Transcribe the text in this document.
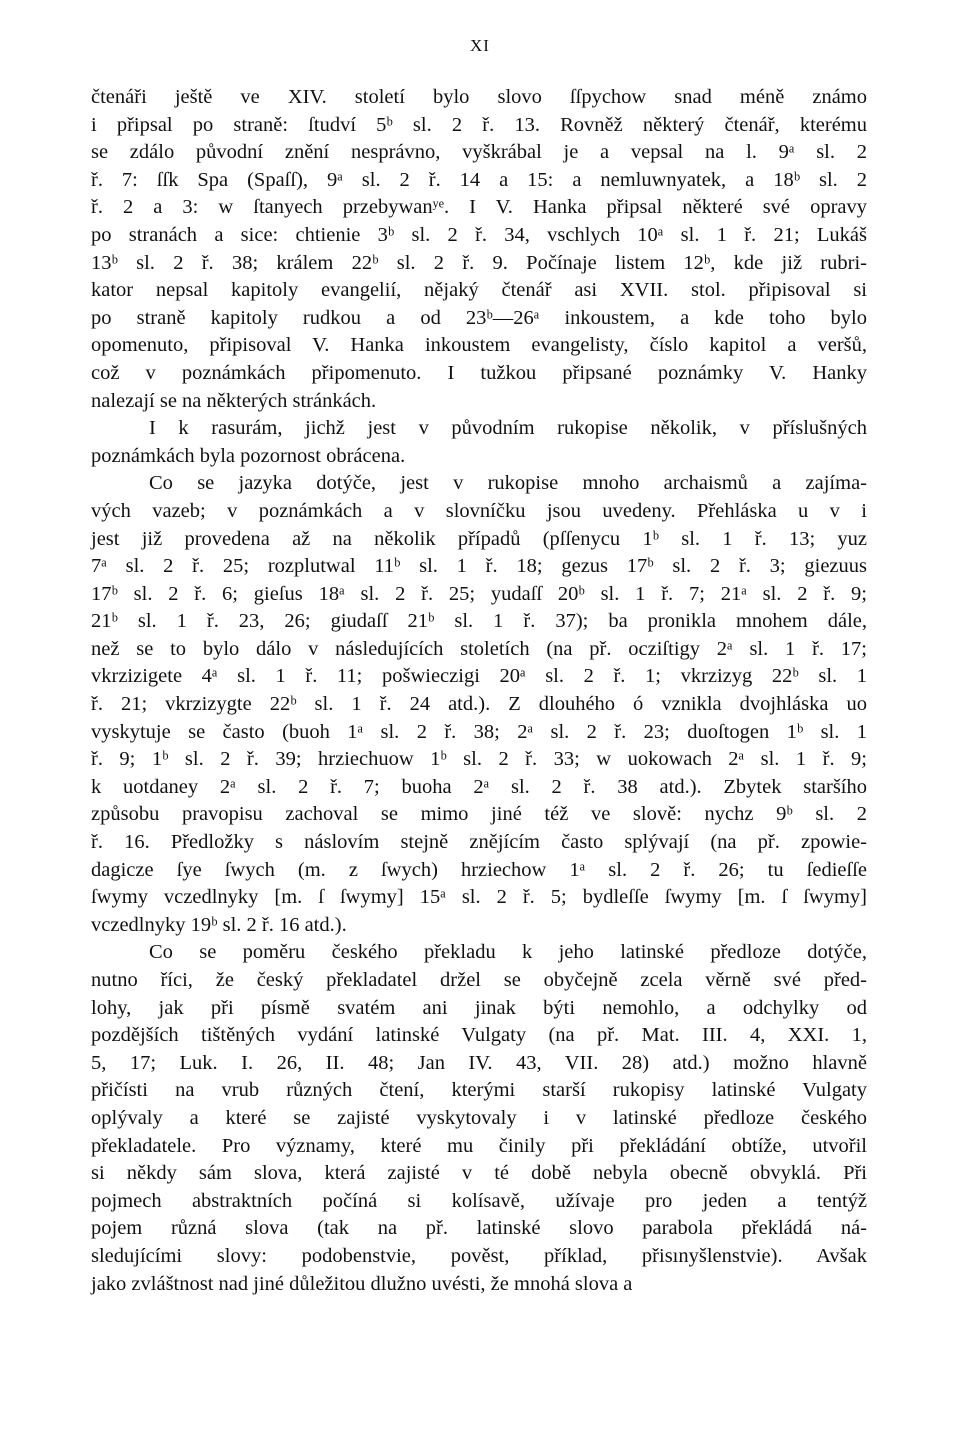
XI
čtenáři ještě ve XIV. století bylo slovo ſſpychow snad méně známo
i připsal po straně: ſtudví 5ᵇ sl. 2 ř. 13. Rovněž některý čtenář, kterému
se zdálo původní znění nesprávno, vyškrábal je a vepsal na l. 9ᵃ sl. 2
ř. 7: ſſk Spa (Spaſſ), 9ᵃ sl. 2 ř. 14 a 15: a nemluwnyatek, a 18ᵇ sl. 2
ř. 2 a 3: w ſtanyech przebywanʸᵉ. I V. Hanka připsal některé své opravy
po stranách a sice: chtienie 3ᵇ sl. 2 ř. 34, vschlych 10ᵃ sl. 1 ř. 21; Lukáš
13ᵇ sl. 2 ř. 38; králem 22ᵇ sl. 2 ř. 9. Počínaje listem 12ᵇ, kde již rubri-
kator nepsal kapitoly evangelií, nějaký čtenář asi XVII. stol. připisoval si
po straně kapitoly rudkou a od 23ᵇ—26ᵃ inkoustem, a kde toho bylo
opomenuto, připisoval V. Hanka inkoustem evangelisty, číslo kapitol a veršů,
což v poznámkách připomenuto. I tužkou připsané poznámky V. Hanky
nalezají se na některých stránkách.
I k rasurám, jichž jest v původním rukopise několik, v příslušných
poznámkách byla pozornost obrácena.
Co se jazyka dotýče, jest v rukopise mnoho archaismů a zajíma-
vých vazeb; v poznámkách a v slovníčku jsou uvedeny. Přehláska u v i
jest již provedena až na několik případů (pſſenycu 1ᵇ sl. 1 ř. 13; yuz
7ᵃ sl. 2 ř. 25; rozplutwal 11ᵇ sl. 1 ř. 18; gezus 17ᵇ sl. 2 ř. 3; giezuus
17ᵇ sl. 2 ř. 6; gieſus 18ᵃ sl. 2 ř. 25; yudaſſ 20ᵇ sl. 1 ř. 7; 21ᵃ sl. 2 ř. 9;
21ᵇ sl. 1 ř. 23, 26; giudaſſ 21ᵇ sl. 1 ř. 37); ba pronikla mnohem dále,
než se to bylo dálo v následujících stoletích (na př. ocziſtigy 2ᵃ sl. 1 ř. 17;
vkrzizigete 4ᵃ sl. 1 ř. 11; pošwieczigi 20ᵃ sl. 2 ř. 1; vkrzizyg 22ᵇ sl. 1
ř. 21; vkrzizygte 22ᵇ sl. 1 ř. 24 atd.). Z dlouhého ó vznikla dvojhláska uo
vyskytuje se často (buoh 1ᵃ sl. 2 ř. 38; 2ᵃ sl. 2 ř. 23; duoſtogen 1ᵇ sl. 1
ř. 9; 1ᵇ sl. 2 ř. 39; hrziechuow 1ᵇ sl. 2 ř. 33; w uokowach 2ᵃ sl. 1 ř. 9;
k uotdaney 2ᵃ sl. 2 ř. 7; buoha 2ᵃ sl. 2 ř. 38 atd.). Zbytek staršího
způsobu pravopisu zachoval se mimo jiné též ve slově: nychz 9ᵇ sl. 2
ř. 16. Předložky s náslovím stejně znějícím často splývají (na př. zpowie-
dagicze ſye ſwych (m. z ſwych) hrziechow 1ᵃ sl. 2 ř. 26; tu ſedieſſe
ſwymy vczedlnyky [m. ſ ſwymy] 15ᵃ sl. 2 ř. 5; bydleſſe ſwymy [m. ſ ſwymy]
vczedlnyky 19ᵇ sl. 2 ř. 16 atd.).
Co se poměru českého překladu k jeho latinské předloze dotýče,
nutno říci, že český překladatel držel se obyčejně zcela věrně své před-
lohy, jak při písmě svatém ani jinak býti nemohlo, a odchylky od
pozdějších tištěných vydání latinské Vulgaty (na př. Mat. III. 4, XXI. 1,
5, 17; Luk. I. 26, II. 48; Jan IV. 43, VII. 28) atd.) možno hlavně
přičísti na vrub různých čtení, kterými starší rukopisy latinské Vulgaty
oplývaly a které se zajisté vyskytovaly i v latinské předloze českého
překladatele. Pro významy, které mu činily při překládání obtíže, utvořil
si někdy sám slova, která zajisté v té době nebyla obecně obvyklá. Při
pojmech abstraktních počíná si kolísavě, užívaje pro jeden a tentýž
pojem různá slova (tak na př. latinské slovo parabola překládá ná-
sledujícími slovy: podobenstvie, pověst, příklad, přisınyšlenstvie). Avšak
jako zvláštnost nad jiné důležitou dlužno uvésti, že mnohá slova a
